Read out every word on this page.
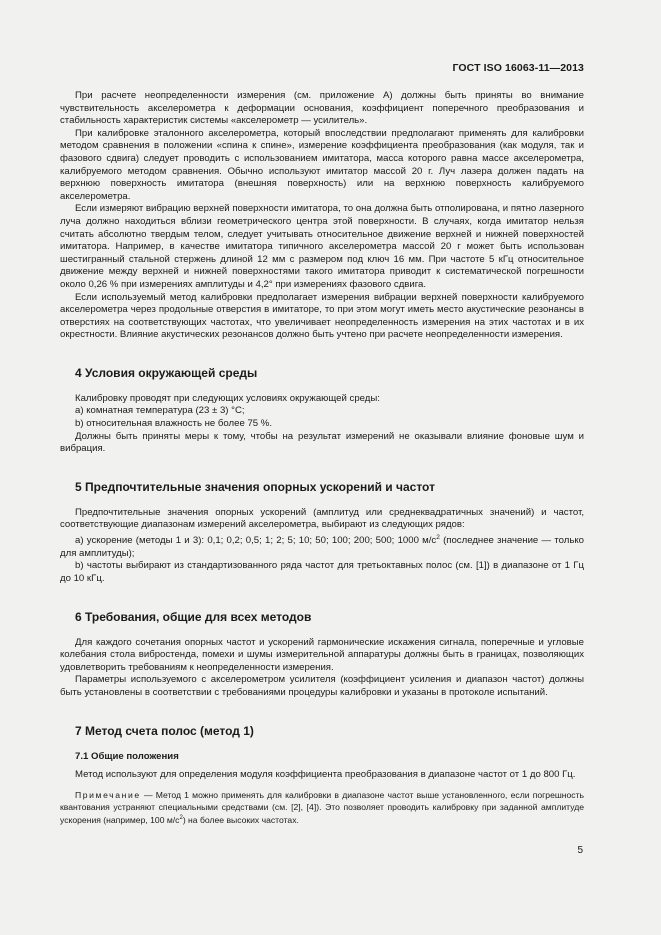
ГОСТ ISO 16063-11—2013

При расчете неопределенности измерения (см. приложение А) должны быть приняты во внимание чувствительность акселерометра к деформации основания, коэффициент поперечного преобразования и стабильность характеристик системы «акселерометр — усилитель».

При калибровке эталонного акселерометра, который впоследствии предполагают применять для калибровки методом сравнения в положении «спина к спине», измерение коэффициента преобразования (как модуля, так и фазового сдвига) следует проводить с использованием имитатора, масса которого равна массе акселерометра, калибруемого методом сравнения. Обычно используют имитатор массой 20 г. Луч лазера должен падать на верхнюю поверхность имитатора (внешняя поверхность) или на верхнюю поверхность калибруемого акселерометра.

Если измеряют вибрацию верхней поверхности имитатора, то она должна быть отполирована, и пятно лазерного луча должно находиться вблизи геометрического центра этой поверхности. В случаях, когда имитатор нельзя считать абсолютно твердым телом, следует учитывать относительное движение верхней и нижней поверхностей имитатора. Например, в качестве имитатора типичного акселерометра массой 20 г может быть использован шестигранный стальной стержень длиной 12 мм с размером под ключ 16 мм. При частоте 5 кГц относительное движение между верхней и нижней поверхностями такого имитатора приводит к систематической погрешности около 0,26 % при измерениях амплитуды и 4,2° при измерениях фазового сдвига.

Если используемый метод калибровки предполагает измерения вибрации верхней поверхности калибруемого акселерометра через продольные отверстия в имитаторе, то при этом могут иметь место акустические резонансы в отверстиях на соответствующих частотах, что увеличивает неопределенность измерения на этих частотах и в их окрестности. Влияние акустических резонансов должно быть учтено при расчете неопределенности измерения.

4 Условия окружающей среды

Калибровку проводят при следующих условиях окружающей среды:

a) комнатная температура (23 ± 3) °С;

b) относительная влажность не более 75 %.

Должны быть приняты меры к тому, чтобы на результат измерений не оказывали влияние фоновые шум и вибрация.

5 Предпочтительные значения опорных ускорений и частот

Предпочтительные значения опорных ускорений (амплитуд или среднеквадратичных значений) и частот, соответствующие диапазонам измерений акселерометра, выбирают из следующих рядов:

a) ускорение (методы 1 и 3): 0,1; 0,2; 0,5; 1; 2; 5; 10; 50; 100; 200; 500; 1000 $м/с^2$ (последнее значение — только для амплитуды);

b) частоты выбирают из стандартизованного ряда частот для третьоктавных полос (см. [1]) в диапазоне от 1 Гц до 10 кГц.

6 Требования, общие для всех методов

Для каждого сочетания опорных частот и ускорений гармонические искажения сигнала, поперечные и угловые колебания стола вибростенда, помехи и шумы измерительной аппаратуры должны быть в границах, позволяющих удовлетворить требованиям к неопределенности измерения.

Параметры используемого с акселерометром усилителя (коэффициент усиления и диапазон частот) должны быть установлены в соответствии с требованиями процедуры калибровки и указаны в протоколе испытаний.

7 Метод счета полос (метод 1)
7.1 Общие положения

Метод используют для определения модуля коэффициента преобразования в диапазоне частот от 1 до 800 Гц.

Примечание — Метод 1 можно применять для калибровки в диапазоне частот выше установленного, если погрешность квантования устраняют специальными средствами (см. [2], [4]). Это позволяет проводить калибровку при заданной амплитуде ускорения (например, 100 $м/с^2$) на более высоких частотах.

5
